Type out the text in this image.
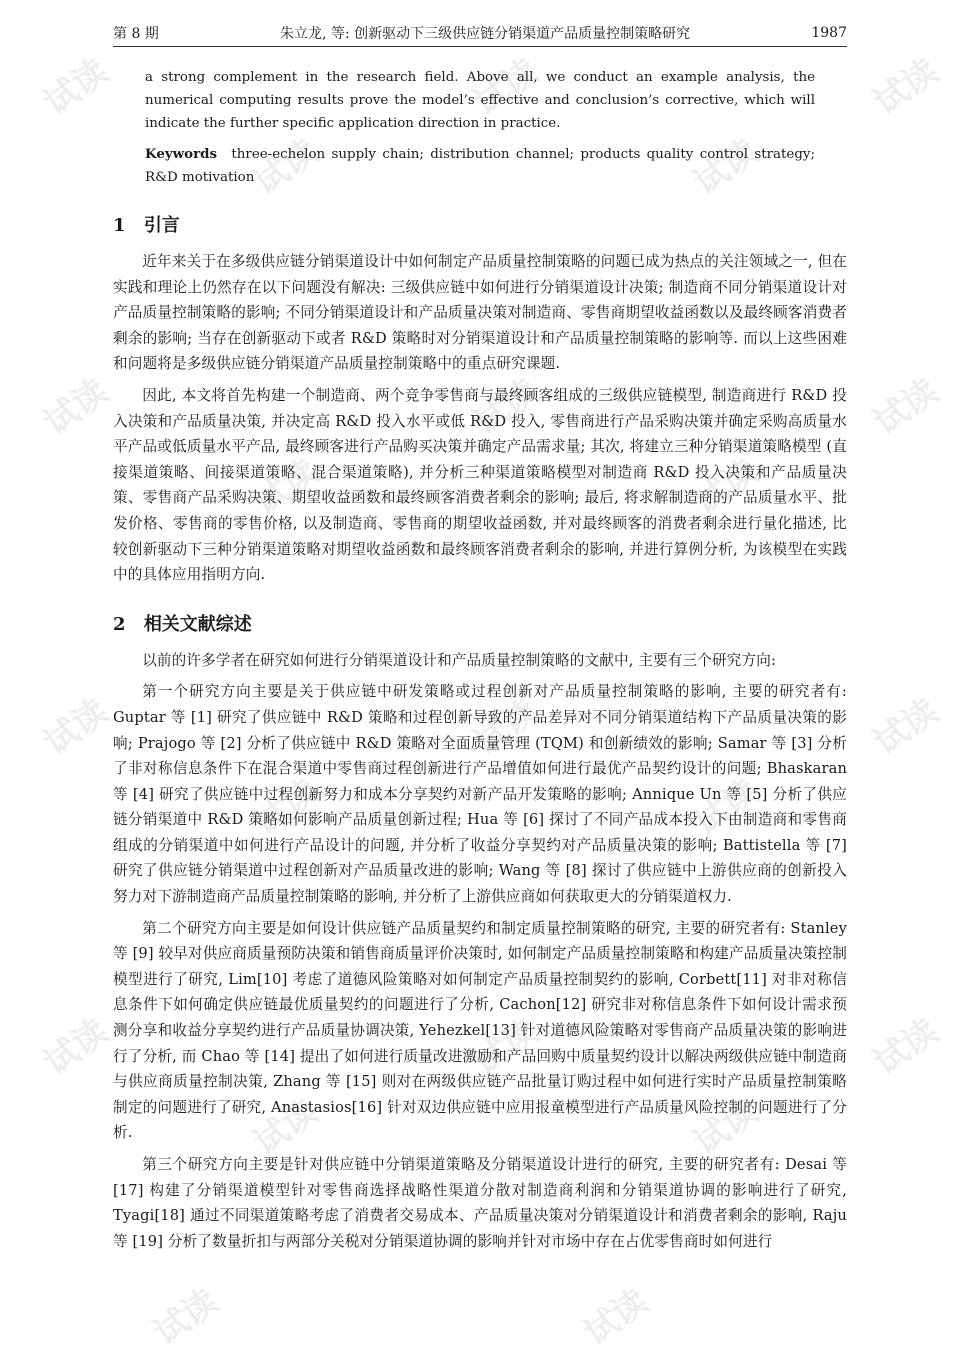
试读
试读
试读
试读
试读
试读
试读
试读
试读
试读
试读
试读
试读
试读
试读
试读
试读
试读
试读
试读
试读	试读
第 8 期	朱立龙, 等: 创新驱动下三级供应链分销渠道产品质量控制策略研究	1987
a strong complement in the research field. Above all, we conduct an example analysis, the numerical computing results prove the model’s effective and conclusion’s corrective, which will indicate the further specific application direction in practice.
Keywords three-echelon supply chain; distribution channel; products quality control strategy; R&D motivation
1 引言

近年来关于在多级供应链分销渠道设计中如何制定产品质量控制策略的问题已成为热点的关注领域之一, 但在实践和理论上仍然存在以下问题没有解决: 三级供应链中如何进行分销渠道设计决策; 制造商不同分销渠道设计对产品质量控制策略的影响; 不同分销渠道设计和产品质量决策对制造商、零售商期望收益函数以及最终顾客消费者剩余的影响; 当存在创新驱动下或者 R&D 策略时对分销渠道设计和产品质量控制策略的影响等. 而以上这些困难和问题将是多级供应链分销渠道产品质量控制策略中的重点研究课题.

因此, 本文将首先构建一个制造商、两个竞争零售商与最终顾客组成的三级供应链模型, 制造商进行 R&D 投入决策和产品质量决策, 并决定高 R&D 投入水平或低 R&D 投入, 零售商进行产品采购决策并确定采购高质量水平产品或低质量水平产品, 最终顾客进行产品购买决策并确定产品需求量; 其次, 将建立三种分销渠道策略模型 (直接渠道策略、间接渠道策略、混合渠道策略), 并分析三种渠道策略模型对制造商 R&D 投入决策和产品质量决策、零售商产品采购决策、期望收益函数和最终顾客消费者剩余的影响; 最后, 将求解制造商的产品质量水平、批发价格、零售商的零售价格, 以及制造商、零售商的期望收益函数, 并对最终顾客的消费者剩余进行量化描述, 比较创新驱动下三种分销渠道策略对期望收益函数和最终顾客消费者剩余的影响, 并进行算例分析, 为该模型在实践中的具体应用指明方向.

2 相关文献综述

以前的许多学者在研究如何进行分销渠道设计和产品质量控制策略的文献中, 主要有三个研究方向:

第一个研究方向主要是关于供应链中研发策略或过程创新对产品质量控制策略的影响, 主要的研究者有: Guptar 等 [1] 研究了供应链中 R&D 策略和过程创新导致的产品差异对不同分销渠道结构下产品质量决策的影响; Prajogo 等 [2] 分析了供应链中 R&D 策略对全面质量管理 (TQM) 和创新绩效的影响; Samar 等 [3] 分析了非对称信息条件下在混合渠道中零售商过程创新进行产品增值如何进行最优产品契约设计的问题; Bhaskaran 等 [4] 研究了供应链中过程创新努力和成本分享契约对新产品开发策略的影响; Annique Un 等 [5] 分析了供应链分销渠道中 R&D 策略如何影响产品质量创新过程; Hua 等 [6] 探讨了不同产品成本投入下由制造商和零售商组成的分销渠道中如何进行产品设计的问题, 并分析了收益分享契约对产品质量决策的影响; Battistella 等 [7] 研究了供应链分销渠道中过程创新对产品质量改进的影响; Wang 等 [8] 探讨了供应链中上游供应商的创新投入努力对下游制造商产品质量控制策略的影响, 并分析了上游供应商如何获取更大的分销渠道权力.

第二个研究方向主要是如何设计供应链产品质量契约和制定质量控制策略的研究, 主要的研究者有: Stanley 等 [9] 较早对供应商质量预防决策和销售商质量评价决策时, 如何制定产品质量控制策略和构建产品质量决策控制模型进行了研究, Lim[10] 考虑了道德风险策略对如何制定产品质量控制契约的影响, Corbett[11] 对非对称信息条件下如何确定供应链最优质量契约的问题进行了分析, Cachon[12] 研究非对称信息条件下如何设计需求预测分享和收益分享契约进行产品质量协调决策, Yehezkel[13] 针对道德风险策略对零售商产品质量决策的影响进行了分析, 而 Chao 等 [14] 提出了如何进行质量改进激励和产品回购中质量契约设计以解决两级供应链中制造商与供应商质量控制决策, Zhang 等 [15] 则对在两级供应链产品批量订购过程中如何进行实时产品质量控制策略制定的问题进行了研究, Anastasios[16] 针对双边供应链中应用报童模型进行产品质量风险控制的问题进行了分析.

第三个研究方向主要是针对供应链中分销渠道策略及分销渠道设计进行的研究, 主要的研究者有: Desai 等 [17] 构建了分销渠道模型针对零售商选择战略性渠道分散对制造商利润和分销渠道协调的影响进行了研究, Tyagi[18] 通过不同渠道策略考虑了消费者交易成本、产品质量决策对分销渠道设计和消费者剩余的影响, Raju 等 [19] 分析了数量折扣与两部分关税对分销渠道协调的影响并针对市场中存在占优零售商时如何进行
